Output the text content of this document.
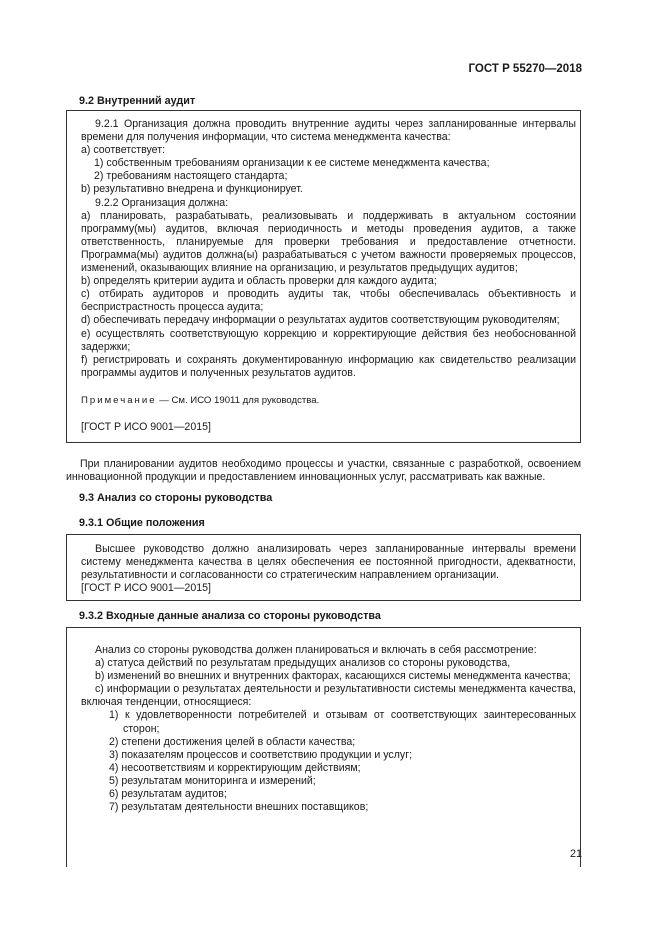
ГОСТ Р 55270—2018
9.2 Внутренний аудит

9.2.1 Организация должна проводить внутренние аудиты через запланированные интервалы времени для получения информации, что система менеджмента качества:

a) соответствует:

1) собственным требованиям организации к ее системе менеджмента качества;

2) требованиям настоящего стандарта;

b) результативно внедрена и функционирует.

9.2.2 Организация должна:

a) планировать, разрабатывать, реализовывать и поддерживать в актуальном состоянии программу(мы) аудитов, включая периодичность и методы проведения аудитов, а также ответственность, планируемые для проверки требования и предоставление отчетности. Программа(мы) аудитов должна(ы) разрабатываться с учетом важности проверяемых процессов, изменений, оказывающих влияние на организацию, и результатов предыдущих аудитов;

b) определять критерии аудита и область проверки для каждого аудита;

c) отбирать аудиторов и проводить аудиты так, чтобы обеспечивалась объективность и беспристрастность процесса аудита;

d) обеспечивать передачу информации о результатах аудитов соответствующим руководителям;

e) осуществлять соответствующую коррекцию и корректирующие действия без необоснованной задержки;

f) регистрировать и сохранять документированную информацию как свидетельство реализации программы аудитов и полученных результатов аудитов.

Примечание — См. ИСО 19011 для руководства.

[ГОСТ Р ИСО 9001—2015]

При планировании аудитов необходимо процессы и участки, связанные с разработкой, освоением инновационной продукции и предоставлением инновационных услуг, рассматривать как важные.

9.3 Анализ со стороны руководства
9.3.1 Общие положения

Высшее руководство должно анализировать через запланированные интервалы времени систему менеджмента качества в целях обеспечения ее постоянной пригодности, адекватности, результативности и согласованности со стратегическим направлением организации.

[ГОСТ Р ИСО 9001—2015]

9.3.2 Входные данные анализа со стороны руководства

Анализ со стороны руководства должен планироваться и включать в себя рассмотрение:

a) статуса действий по результатам предыдущих анализов со стороны руководства,

b) изменений во внешних и внутренних факторах, касающихся системы менеджмента качества;

c) информации о результатах деятельности и результативности системы менеджмента качества, включая тенденции, относящиеся:

1) к удовлетворенности потребителей и отзывам от соответствующих заинтересованных сторон;

2) степени достижения целей в области качества;

3) показателям процессов и соответствию продукции и услуг;

4) несоответствиям и корректирующим действиям;

5) результатам мониторинга и измерений;

6) результатам аудитов;

7) результатам деятельности внешних поставщиков;

21
